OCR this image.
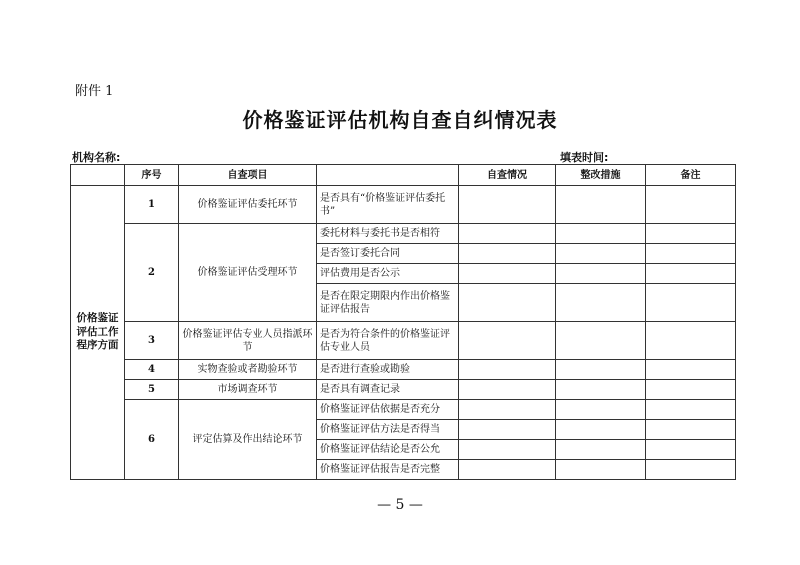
附件 1
价格鉴证评估机构自查自纠情况表
机构名称:	填表时间:
	序号	自查项目		自查情况	整改措施	备注
价格鉴证评估工作程序方面	1	价格鉴证评估委托环节	是否具有“价格鉴证评估委托书”			
	2	价格鉴证评估受理环节	委托材料与委托书是否相符			
			是否签订委托合同			
			评估费用是否公示			
			是否在限定期限内作出价格鉴证评估报告			
	3	价格鉴证评估专业人员指派环节	是否为符合条件的价格鉴证评估专业人员			
	4	实物查验或者勘验环节	是否进行查验或勘验			
	5	市场调查环节	是否具有调查记录			
	6	评定估算及作出结论环节	价格鉴证评估依据是否充分			
			价格鉴证评估方法是否得当			
			价格鉴证评估结论是否公允			
			价格鉴证评估报告是否完整			
— 5 —
